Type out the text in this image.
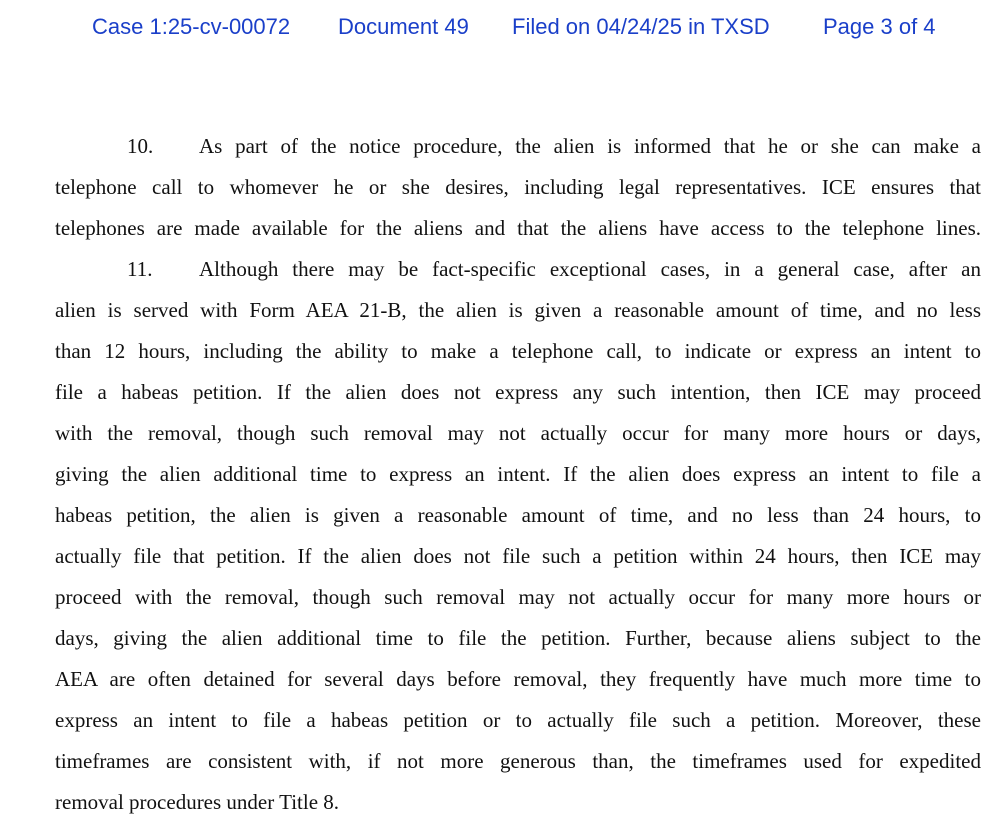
Case 1:25-cv-00072 Document 49 Filed on 04/24/25 in TXSD Page 3 of 4
10.	As part of the notice procedure, the alien is informed that he or she can make a
telephone call to whomever he or she desires, including legal representatives. ICE ensures that
telephones are made available for the aliens and that the aliens have access to the telephone lines.
11.	Although there may be fact-specific exceptional cases, in a general case, after an
alien is served with Form AEA 21-B, the alien is given a reasonable amount of time, and no less
than 12 hours, including the ability to make a telephone call, to indicate or express an intent to
file a habeas petition. If the alien does not express any such intention, then ICE may proceed
with the removal, though such removal may not actually occur for many more hours or days,
giving the alien additional time to express an intent. If the alien does express an intent to file a
habeas petition, the alien is given a reasonable amount of time, and no less than 24 hours, to
actually file that petition. If the alien does not file such a petition within 24 hours, then ICE may
proceed with the removal, though such removal may not actually occur for many more hours or
days, giving the alien additional time to file the petition. Further, because aliens subject to the
AEA are often detained for several days before removal, they frequently have much more time to
express an intent to file a habeas petition or to actually file such a petition. Moreover, these
timeframes are consistent with, if not more generous than, the timeframes used for expedited
removal procedures under Title 8.
